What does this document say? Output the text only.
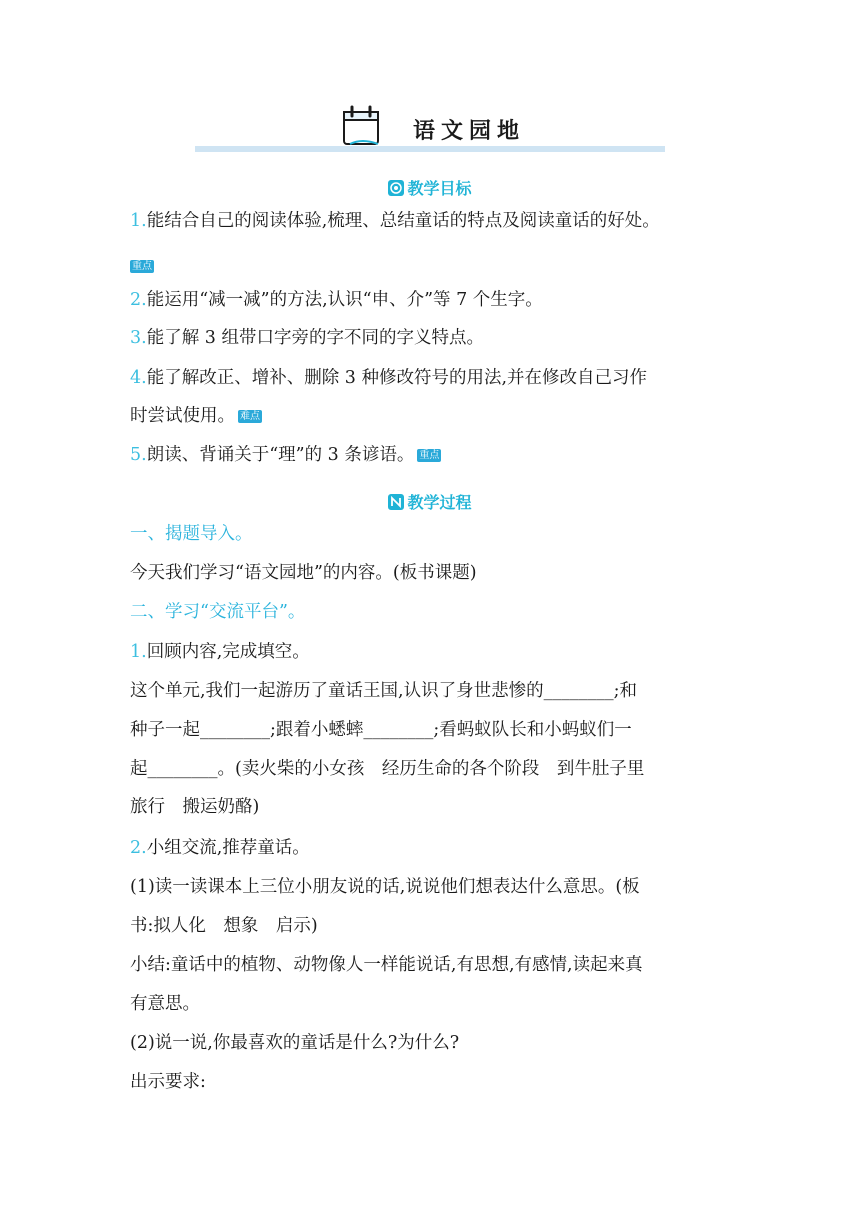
语文园地
教学目标
1.能结合自己的阅读体验,梳理、总结童话的特点及阅读童话的好处。
重点
2.能运用“减一减”的方法,认识“申、介”等 7 个生字。
3.能了解 3 组带口字旁的字不同的字义特点。
4.能了解改正、增补、删除 3 种修改符号的用法,并在修改自己习作
时尝试使用。 难点
5.朗读、背诵关于“理”的 3 条谚语。 重点
教学过程
一、揭题导入。
今天我们学习“语文园地”的内容。(板书课题)
二、学习“交流平台”。
1.回顾内容,完成填空。
这个单元,我们一起游历了童话王国,认识了身世悲惨的________;和
种子一起________;跟着小蟋蟀________;看蚂蚁队长和小蚂蚁们一
起________。(卖火柴的小女孩　经历生命的各个阶段　到牛肚子里
旅行　搬运奶酪)
2.小组交流,推荐童话。
(1)读一读课本上三位小朋友说的话,说说他们想表达什么意思。(板
书:拟人化　想象　启示)
小结:童话中的植物、动物像人一样能说话,有思想,有感情,读起来真
有意思。
(2)说一说,你最喜欢的童话是什么?为什么?
出示要求:
